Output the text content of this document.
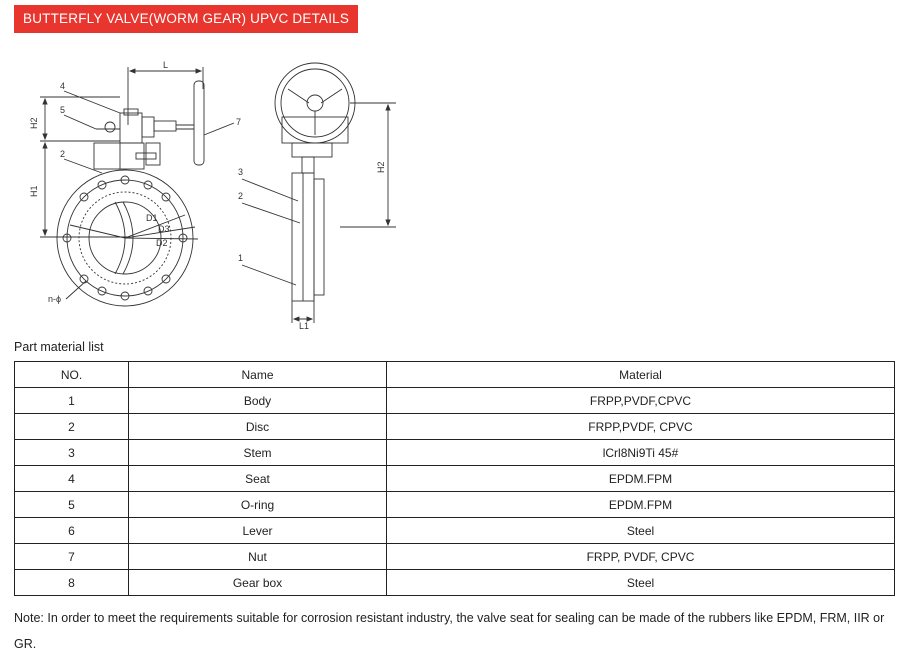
BUTTERFLY VALVE(WORM GEAR) UPVC DETAILS
L
H2
H1
4
5
2
7
D1
D3
D2
n-ϕ
H2
L1
3
2
1
Part material list
NO.	Name	Material
1	Body	FRPP,PVDF,CPVC
2	Disc	FRPP,PVDF, CPVC
3	Stem	lCrl8Ni9Ti 45#
4	Seat	EPDM.FPM
5	O-ring	EPDM.FPM
6	Lever	Steel
7	Nut	FRPP, PVDF, CPVC
8	Gear box	Steel
Note: In order to meet the requirements suitable for corrosion resistant industry, the valve seat for sealing can be made of the rubbers like EPDM, FRM, IIR or GR.
